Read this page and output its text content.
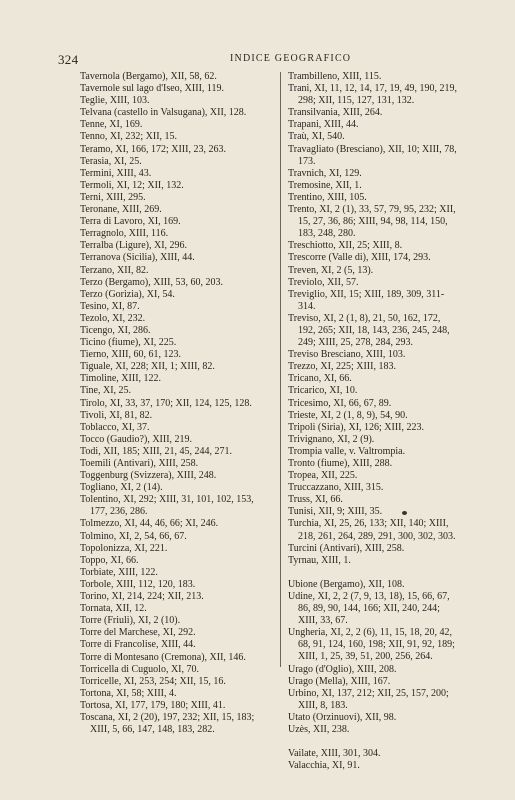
324	INDICE GEOGRAFICO
Tavernola (Bergamo), XII, 58, 62.
Tavernole sul lago d'Iseo, XIII, 119.
Teglie, XIII, 103.
Telvana (castello in Valsugana), XII, 128.
Tenne, XI, 169.
Tenno, XI, 232; XII, 15.
Teramo, XI, 166, 172; XIII, 23, 263.
Terasia, XI, 25.
Termini, XIII, 43.
Termoli, XI, 12; XII, 132.
Terni, XIII, 295.
Teronane, XIII, 269.
Terra di Lavoro, XI, 169.
Terragnolo, XIII, 116.
Terralba (Ligure), XI, 296.
Terranova (Sicilia), XIII, 44.
Terzano, XII, 82.
Terzo (Bergamo), XIII, 53, 60, 203.
Terzo (Gorizia), XI, 54.
Tesino, XI, 87.
Tezolo, XI, 232.
Ticengo, XI, 286.
Ticino (fiume), XI, 225.
Tierno, XIII, 60, 61, 123.
Tiguale, XI, 228; XII, 1; XIII, 82.
Timoline, XIII, 122.
Tine, XI, 25.
Tirolo, XI, 33, 37, 170; XII, 124, 125, 128.
Tivoli, XI, 81, 82.
Toblacco, XI, 37.
Tocco (Gaudio?), XIII, 219.
Todi, XII, 185; XIII, 21, 45, 244, 271.
Toemili (Antivari), XIII, 258.
Toggenburg (Svizzera), XIII, 248.
Togliano, XI, 2 (14).
Tolentino, XI, 292; XIII, 31, 101, 102, 153, 177, 236, 286.
Tolmezzo, XI, 44, 46, 66; XI, 246.
Tolmino, XI, 2, 54, 66, 67.
Topolonizza, XI, 221.
Toppo, XI, 66.
Torbiate, XIII, 122.
Torbole, XIII, 112, 120, 183.
Torino, XI, 214, 224; XII, 213.
Tornata, XII, 12.
Torre (Friuli), XI, 2 (10).
Torre del Marchese, XI, 292.
Torre di Francolise, XIII, 44.
Torre di Montesano (Cremona), XII, 146.
Torricella di Cuguolo, XI, 70.
Torricelle, XI, 253, 254; XII, 15, 16.
Tortona, XI, 58; XIII, 4.
Tortosa, XI, 177, 179, 180; XIII, 41.
Toscana, XI, 2 (20), 197, 232; XII, 15, 183; XIII, 5, 66, 147, 148, 183, 282.
Trambilleno, XIII, 115.
Trani, XI, 11, 12, 14, 17, 19, 49, 190, 219, 298; XII, 115, 127, 131, 132.
Transilvania, XIII, 264.
Trapani, XIII, 44.
Traù, XI, 540.
Travagliato (Bresciano), XII, 10; XIII, 78, 173.
Travnich, XI, 129.
Tremosine, XII, 1.
Trentino, XIII, 105.
Trento, XI, 2 (1), 33, 57, 79, 95, 232; XII, 15, 27, 36, 86; XIII, 94, 98, 114, 150, 183, 248, 280.
Treschiotto, XII, 25; XIII, 8.
Trescorre (Valle di), XIII, 174, 293.
Treven, XI, 2 (5, 13).
Treviolo, XII, 57.
Treviglio, XII, 15; XIII, 189, 309, 311-314.
Treviso, XI, 2 (1, 8), 21, 50, 162, 172, 192, 265; XII, 18, 143, 236, 245, 248, 249; XIII, 25, 278, 284, 293.
Treviso Bresciano, XIII, 103.
Trezzo, XI, 225; XIII, 183.
Tricano, XI, 66.
Tricarico, XI, 10.
Tricesimo, XI, 66, 67, 89.
Trieste, XI, 2 (1, 8, 9), 54, 90.
Tripoli (Siria), XI, 126; XIII, 223.
Trivignano, XI, 2 (9).
Trompia valle, v. Valtrompia.
Tronto (fiume), XIII, 288.
Tropea, XII, 225.
Truccazzano, XIII, 315.
Truss, XI, 66.
Tunisi, XII, 9; XIII, 35.
Turchia, XI, 25, 26, 133; XII, 140; XIII, 218, 261, 264, 289, 291, 300, 302, 303.
Turcini (Antivari), XIII, 258.
Tyrnau, XIII, 1.
Ubione (Bergamo), XII, 108.
Udine, XI, 2, 2 (7, 9, 13, 18), 15, 66, 67, 86, 89, 90, 144, 166; XII, 240, 244; XIII, 33, 67.
Ungheria, XI, 2, 2 (6), 11, 15, 18, 20, 42, 68, 91, 124, 160, 198; XII, 91, 92, 189; XIII, 1, 25, 39, 51, 200, 256, 264.
Urago (d'Oglio), XIII, 208.
Urago (Mella), XIII, 167.
Urbino, XI, 137, 212; XII, 25, 157, 200; XIII, 8, 183.
Utato (Orzinuovi), XII, 98.
Uzès, XII, 238.
Vailate, XIII, 301, 304.
Valacchia, XI, 91.
